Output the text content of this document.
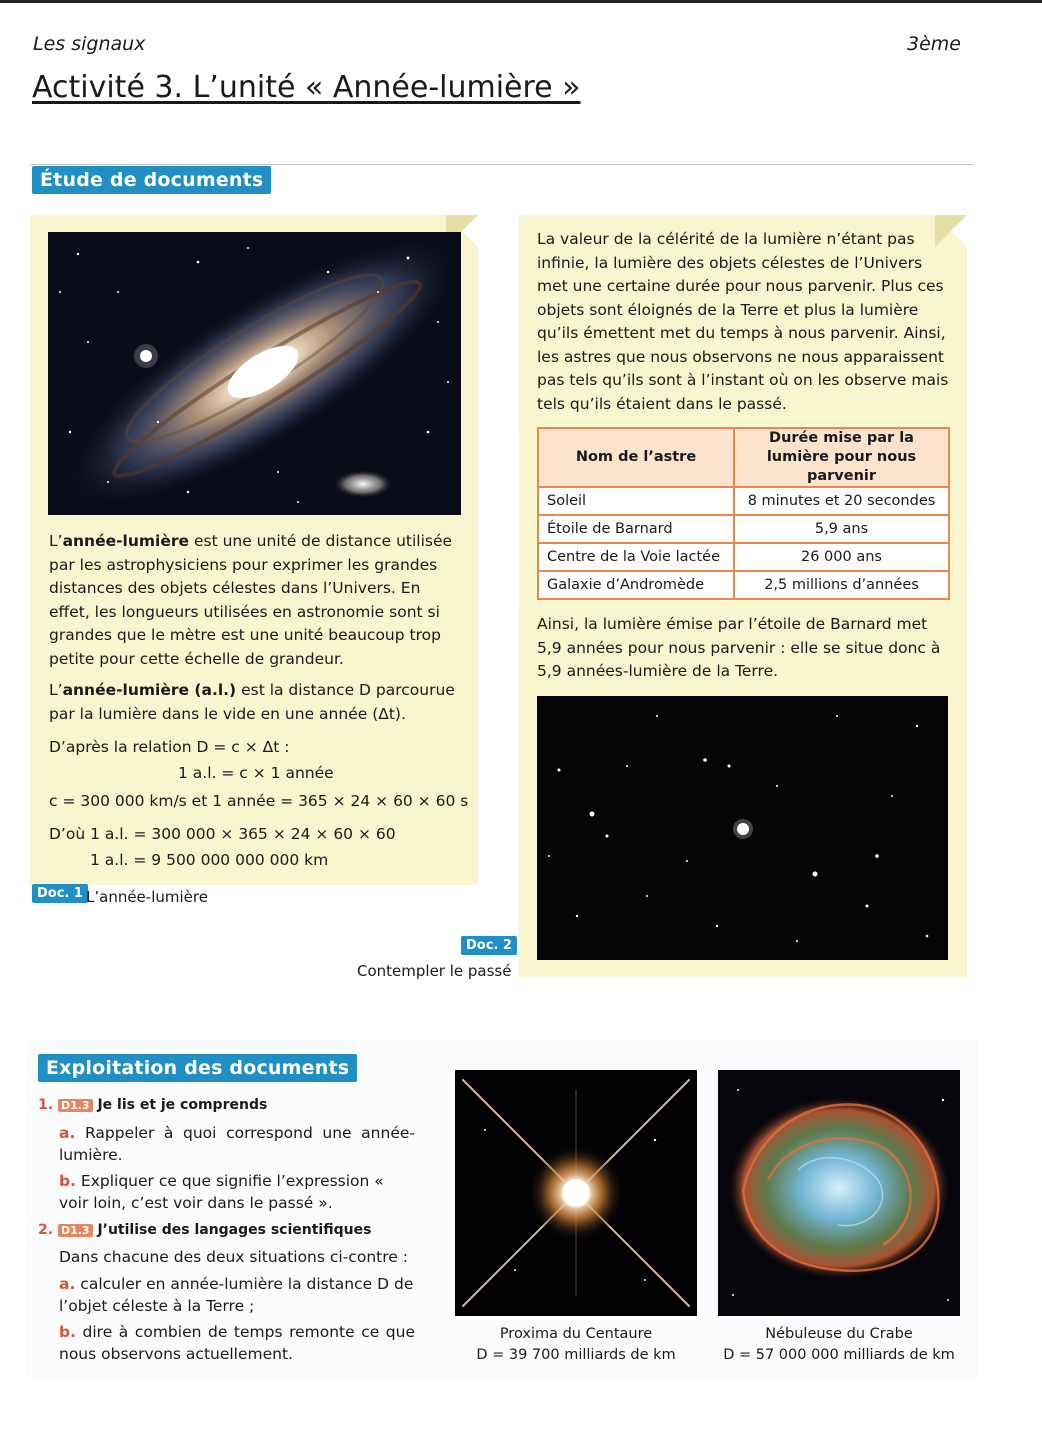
Les signaux	3ème
Activité 3. L’unité « Année-lumière »
Étude de documents
L’année-lumière est une unité de distance utilisée par les astrophysiciens pour exprimer les grandes distances des objets célestes dans l’Univers. En effet, les longueurs utilisées en astronomie sont si grandes que le mètre est une unité beaucoup trop petite pour cette échelle de grandeur.
L’année-lumière (a.l.) est la distance D parcourue par la lumière dans le vide en une année (Δt).
D’après la relation D = c × Δt :
1 a.l. = c × 1 année
c = 300 000 km/s et 1 année = 365 × 24 × 60 × 60 s
D’où 1 a.l. = 300 000 × 365 × 24 × 60 × 60
1 a.l. = 9 500 000 000 000 km
Doc. 1 L’année-lumière
La valeur de la célérité de la lumière n’étant pas infinie, la lumière des objets célestes de l’Univers met une certaine durée pour nous parvenir. Plus ces objets sont éloignés de la Terre et plus la lumière qu’ils émettent met du temps à nous parvenir. Ainsi, les astres que nous observons ne nous apparaissent pas tels qu’ils sont à l’instant où on les observe mais tels qu’ils étaient dans le passé.
Nom de l’astre	Durée mise par la lumière pour nous parvenir
Soleil	8 minutes et 20 secondes
Étoile de Barnard	5,9 ans
Centre de la Voie lactée	26 000 ans
Galaxie d’Andromède	2,5 millions d’années
Ainsi, la lumière émise par l’étoile de Barnard met 5,9 années pour nous parvenir : elle se situe donc à 5,9 années-lumière de la Terre.
Doc. 2
Contempler le passé
Exploitation des documents
1. D1.3 Je lis et je comprends
a. Rappeler à quoi correspond une année-lumière.
b. Expliquer ce que signifie l’expression « voir loin, c’est voir dans le passé ».
2. D1.3 J’utilise des langages scientifiques
Dans chacune des deux situations ci-contre :
a. calculer en année-lumière la distance D de l’objet céleste à la Terre ;
b. dire à combien de temps remonte ce que nous observons actuellement.
Proxima du Centaure
D = 39 700 milliards de km
Nébuleuse du Crabe
D = 57 000 000 milliards de km
